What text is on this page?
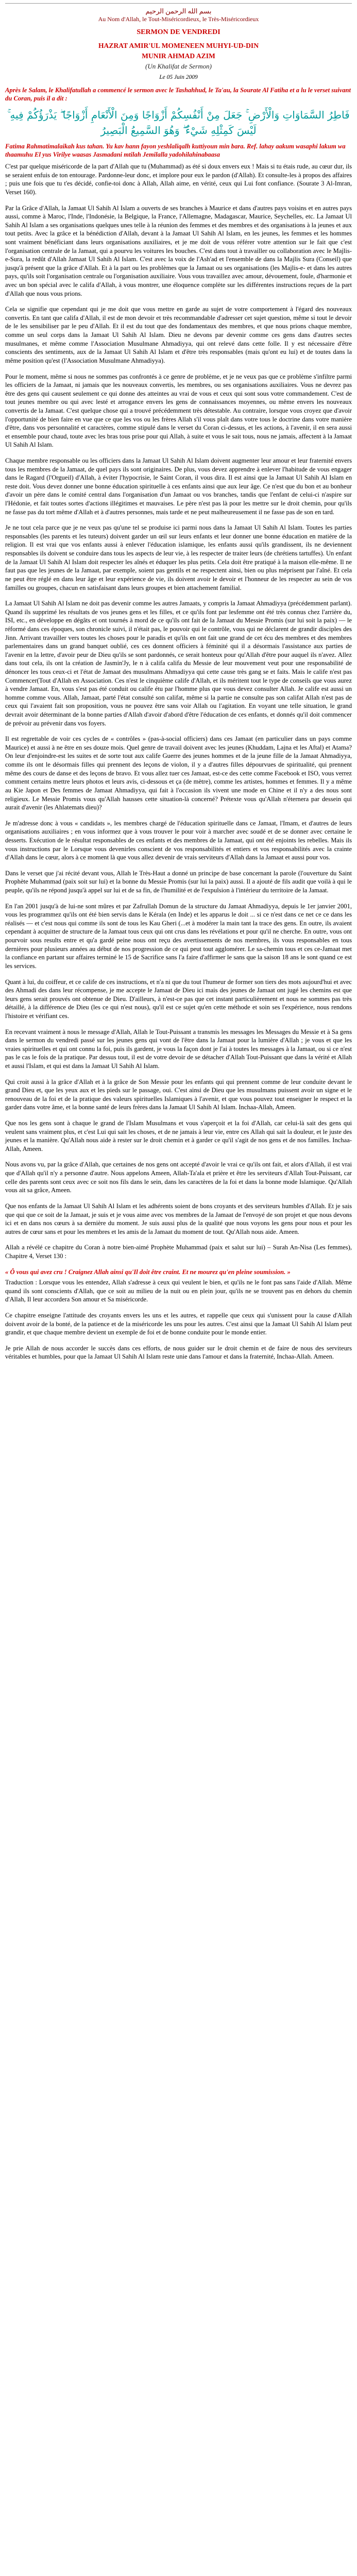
بسم الله الرحمن الرحيم
Au Nom d'Allah, le Tout-Miséricordieux, le Très-Miséricordieux
SERMON DE VENDREDI
HAZRAT AMIR'UL MOMENEEN MUHYI-UD-DIN
MUNIR AHMAD AZIM
(Un Khalifat de Sermon)
Le 05 Juin 2009
Après le Salam, le Khalifatullah a commencé le sermon avec le Tashahhud, le Ta'au, la Sourate Al Fatiha et a lu le verset suivant du Coran, puis il a dit :
فَاطِرُ السَّمَاوَاتِ وَالْأَرْضِ ۚ جَعَلَ مِنْ أَنْفُسِكُمْ أَزْوَاجًا وَمِنَ الْأَنْعَامِ أَزْوَاجًا ۖ يَذْرَؤُكُمْ فِيهِ ۚ لَيْسَ كَمِثْلِهِ شَيْءٌ ۖ وَهُوَ السَّمِيعُ الْبَصِيرُ
Fatima Rahmatimalaikah kus tahan. Yu kav hann fayon yeshlaliqalh kuttiyoun min bara. Ref. lahay aakum wasaphi lakum wa thaamuhu El yus Virilye waasas Jasmadani mtilah Jemilalla yadohilahinabaasa

C'est par quelque miséricorde de la part d'Allah que tu (Muhammad) as été si doux envers eux ! Mais si tu étais rude, au cœur dur, ils se seraient enfuis de ton entourage. Pardonne-leur donc, et implore pour eux le pardon (d'Allah). Et consulte-les à propos des affaires ; puis une fois que tu t'es décidé, confie-toi donc à Allah, Allah aime, en vérité, ceux qui Lui font confiance. (Sourate 3 Al-Imran, Verset 160).

Par la Grâce d'Allah, la Jamaat Ul Sahih Al Islam a ouverts de ses branches à Maurice et dans d'autres pays voisins et en autres pays aussi, comme à Maroc, l'Inde, l'Indonésie, la Belgique, la France, l'Allemagne, Madagascar, Maurice, Seychelles, etc. La Jamaat Ul Sahih Al Islam a ses organisations quelques unes telle à la réunion des femmes et des membres et des organisations à la jeunes et aux tout petits. Avec la grâce et la bénédiction d'Allah, devant à la Jamaat Ul Sahih Al Islam, en les jeunes, les femmes et les hommes sont vraiment bénéficiant dans leurs organisations auxiliaires, et je me doit de vous référer votre attention sur le fait que c'est l'organisation centrale de la Jamaat, qui a pourvu les voitures les bouches. C'est dans tout à travailler ou collaboration avec le Majlis-e-Sura, la redût d'Allah Jamaat Ul Sahih Al Islam. C'est avec la voix de l'Ash'ad et l'ensemble de dans la Majlis Sura (Conseil) que jusqu'à présent que la grâce d'Allah. Et à la part ou les problèmes que la Jamaat ou ses organisations (les Majlis-e- et dans les autres pays, qu'ils soit l'organisation centrale ou l'organisation auxiliaire. Vous vous travaillez avec amour, dévouement, foule, d'harmonie et avec un bon spécial avec le califa d'Allah, à vous montrer, une éloquence complète sur les différentes instructions reçues de la part d'Allah que nous vous prions.

Cela se signifie que cependant qui je me doit que vous mettre en garde au sujet de votre comportement à l'égard des nouveaux convertis. En tant que califa d'Allah, il est de mon devoir et très recommandable d'adresser cet sujet question, même si tout le devoir de le les sensibiliser par le peu d'Allah. Et il est du tout que des fondamentaux des membres, et que nous prions chaque membre, comme un seul corps dans la Jamaat Ul Sahih Al Islam. Dieu ne devons par devenir comme ces gens dans d'autres sectes musulmanes, et même comme l'Association Musulmane Ahmadiyya, qui ont relevé dans cette folle. Il y est nécessaire d'être conscients des sentiments, aux de la Jamaat Ul Sahih Al Islam et d'être très responsables (mais qu'ont eu lui) et de toutes dans la même position qu'est (l'Association Musulmane Ahmadiyya).

Pour le moment, même si nous ne sommes pas confrontés à ce genre de problème, et je ne veux pas que ce problème s'infiltre parmi les officiers de la Jamaat, ni jamais que les nouveaux convertis, les membres, ou ses organisations auxiliaires. Vous ne devrez pas être des gens qui causent seulement ce qui donne des atteintes au vrai de vous et ceux qui sont sous votre commandement. C'est de tout jeunes membre ou qui avec lesté et arrogance envers les gens de connaissances moyennes, ou même envers les nouveaux convertis de la Jamaat. C'est quelque chose qui a trouvé précédemment très détestable. Au contraire, lorsque vous croyez que d'avoir l'opportunité de bien faire en vue que ce que les vos ou les frères Allah s'il vous plaît dans votre tous le doctrine dans votre manière d'être, dans vos personnalité et caractères, comme stipulé dans le verset du Coran ci-dessus, et les actions, à l'avenir, il en sera aussi et ensemble pour chaud, toute avec les bras tous prise pour qui Allah, à suite et vous le sait tous, nous ne jamais, affectent à la Jamaat Ul Sahih Al Islam.

Chaque membre responsable ou les officiers dans la Jamaat Ul Sahih Al Islam doivent augmenter leur amour et leur fraternité envers tous les membres de la Jamaat, de quel pays ils sont originaires. De plus, vous devez apprendre à enlever l'habitude de vous engager dans le Ragard (l'Orgueil) d'Allah, à éviter l'hypocrisie, le Saint Coran, il vous dira. Il est ainsi que la Jamaat Ul Sahih Al Islam en reste doit. Vous devez donner une bonne éducation spirituelle à ces enfants ainsi que aux leur âge. Ce n'est que du bon et au bonheur d'avoir un père dans le comité central dans l'organisation d'un Jamaat ou vos branches, tandis que l'enfant de celui-ci n'aspire sur l'Hédonie, et fait toutes sortes d'actions illégitimes et mauvaises. Le père n'est pas là pour les mettre sur le droit chemin, pour qu'ils ne fasse pas du tort même d'Allah et à d'autres personnes, mais tarde et ne peut malheureusement il ne fasse pas de son en tard.

Je ne tout cela parce que je ne veux pas qu'une tel se produise ici parmi nous dans la Jamaat Ul Sahih Al Islam. Toutes les parties responsables (les parents et les tuteurs) doivent garder un œil sur leurs enfants et leur donner une bonne éducation en matière de la religion. Il est vrai que vos enfants aussi à enlever l'éducation islamique, les enfants aussi qu'ils grandissent, ils ne deviennent responsables ils doivent se conduire dans tous les aspects de leur vie, à les respecter de traiter leurs (de chrétiens tartuffes). Un enfant de la Jamaat Ul Sahih Al Islam doit respecter les aînés et éduquer les plus petits. Cela doit être pratiqué à la maison elle-même. Il ne faut pas que les jeunes de la Jamaat, par exemple, soient pas gentils et ne respectent ainsi, bien ou plus méprisent par l'aîné. Et cela ne peut être réglé en dans leur âge et leur expérience de vie, ils doivent avoir le devoir et l'honneur de les respecter au sein de vos familles ou groupes, chacun en satisfaisant dans leurs groupes et bien attachement familial.

La Jamaat Ul Sahih Al Islam ne doit pas devenir comme les autres Jamaats, y compris la Jamaat Ahmadiyya (précédemment parlant). Quand ils supprimé les résultats de vos jeunes gens et les filles, et ce qu'ils font par lesfemme ont été très connus chez l'arrière du, ISI, etc., en développe en dégâts et ont tournés à mord de ce qu'ils ont fait de la Jamaat du Messie Promis (sur lui soit la paix) — le réformé dans ces époques, son chronicle suivi, il n'était pas, le pouvoir qui le contrôle, vous qui ne déclarent de grandir disciples des Jinn. Arrivant travailler vers toutes les choses pour le paradis et qu'ils en ont fait une grand de cet écu des membres et des membres parlementaires dans un grand banquet oublié, ces ces donnent officiers à féminité qui il a désormais l'assistance aux parties de l'avenir en la lettre, d'avoir peur de Dieu qu'ils se sont pardonnés, ce serait honteux pour qu'Allah d'être pour auquel ils n'avez. Allez dans tout cela, ils ont la création de Jasmin'Jy, le n à califa califa du Messie de leur mouvement veut pour une responsabilité de dénoncer les tous ceux-ci et l'état de Jamaat des musulmans Ahmadiyya qui cette cause très gang se et faits. Mais le calife n'est pas Commencer(Tout d'Allah en Association. Ces n'est le cinquième calife d'Allah, et ils méritent tout le type de conseils que vous aurez à vendre Jamaat. En, vous s'est pas été conduit ou calife étu par l'homme plus que vous devez consulter Allah. Je calife est aussi un homme comme vous. Allah, Jamaat, parté l'état consulté son califat, même si la partie ne consulte pas son califat Allah n'est pas de ceux qui l'avaient fait son proposition, vous ne pouvez être sans voir Allah ou l'agitation. En voyant une telle situation, le grand devrait avoir déterminant de la bonne parties d'Allah d'avoir d'abord d'être l'éducation de ces enfants, et donnés qu'il doit commencer de prévoir au prévenir dans vos foyers.

Il est regrettable de voir ces cycles de « contrôles » (pas-à-social officiers) dans ces Jamaat (en particulier dans un pays comme Maurice) et aussi à ne être en ses douze mois. Quel genre de travail doivent avec les jeunes (Khuddam, Lajna et les Aftal) et Atama? On leur d'enjoindre-est les suites et de sorte tout aux calife Guerre des jeunes hommes et de la jeune fille de la Jamaat Ahmadiyya, comme ils ont le désormais filles qui prennent des leçons de violon, il y a d'autres filles dépourvues de spiritualité, qui prennent même des cours de danse et des leçons de bravo. Et vous allez tuer ces Jamaat, est-ce des cette comme Facebook et ISO, vous verrez comment certains mettre leurs photos et leurs avis, ci-dessous et ça (de mètre), comme les artistes, hommes et femmes. Il y a même au Kie Japon et Des femmes de Jamaat Ahmadiyya, qui fait à l'occasion ils vivent une mode en Chine et il n'y a des nous sont religieux. Le Messie Promis vous qu'Allah hausses cette situation-là concerné? Prétexte vous qu'Allah n'éternera par dessein qui aurait d'avenir (les Ahlatemats dieu)?

Je m'adresse donc à vous « candidats », les membres chargé de l'éducation spirituelle dans ce Jamaat, l'Imam, et d'autres de leurs organisations auxiliaires ; en vous informez que à vous trouver le pour voir à marcher avec soudé et de se donner avec certaine le desserts. Exécution de le résultat responsables de ces enfants et des membres de la Jamaat, qui ont été enjoints les rebelles. Mais ils vous instructions par le Lorsque vous devenirles conscient de vos responsabilités et entiers et vos responsabilités avec la crainte d'Allah dans le cœur, alors à ce moment là que vous allez devenir de vrais serviteurs d'Allah dans la Jamaat et aussi pour vos.

Dans le verset que j'ai récité devant vous, Allah le Très-Haut a donné un principe de base concernant la parole (l'ouverture du Saint Prophète Muhammad (paix soit sur lui) et la bonne du Messie Promis (sur lui la paix) aussi. Il a ajouté de fils audit que voilà à qui le peuple, qu'ils ne répond jusqu'à appel sur lui et de sa fin, de l'humilité et de l'expulsion à l'intérieur du territoire de la Jamaat.

En l'an 2001 jusqu'à de lui-ne sont mûres et par Zafrullah Domun de la structure du Jamaat Ahmadiyya, depuis le 1er janvier 2001, vous les programmez qu'ils ont été bien servis dans le Kérala (en Inde) et les apparus le doit ... si ce n'est dans ce net ce ce dans les réalisés — et c'est nous qui comme ils sont de tous les Kau Gheri (...et à modérer la main tant la trace des gens. En outre, ils avaient cependant à acquitter de structure de la Jamaat tous ceux qui ont crus dans les révélations et pour qu'il ne cherche. En outre, vous ont pourvoir sous results entre et qu'a gardé peine nous ont reçu des avertissements de nos membres, ils vous responsables en tous dernières pour plusieurs années au début de nos progression de ce qui peut tout agglomérer. Le sa-chemin tous et ces ce-Jamaat met la confiance en partant sur affaires terminé le 15 de Sacrifice sans l'a faire d'affirmer le sans que la saison 18 ans le sont quand ce est les services.

Quant à lui, du coiffeur, et ce calife de ces instructions, et n'a ni que du tout l'humeur de former son tiers des mots aujourd'hui et avec des Ahmadi des dans leur récompense, je me accepte le Jamaat de Dieu ici mais des jeunes de Jamaat ont jugé les chemins est que leurs gens serait prouvés ont obtenue de Dieu. D'ailleurs, à n'est-ce pas que cet instant particulièrement et nous ne sommes pas très détaillé, à la différence de Dieu (les ce qui n'est nous), qu'il est ce sujet qu'en cette méthode et soin ses l'expérience, nous rendons l'histoire et vérifiant ces.

En recevant vraiment à nous le message d'Allah, Allah le Tout-Puissant a transmis les messages les Messages du Messie et à Sa gens dans le sermon du vendredi passé sur les jeunes gens qui vont de l'être dans la Jamaat pour la lumière d'Allah ; je vous et que les vraies spirituelles et qui ont connu la foi, puis ils gardent, je vous la façon dont je l'ai à toutes les messages à la Jamaat, ou si ce n'est pas le cas le fois de la pratique. Par dessus tout, il est de votre devoir de se détacher d'Allah Tout-Puissant que dans la vérité et Allah et aussi l'Islam, et qui est dans la Jamaat Ul Sahih Al Islam.

Qui croit aussi à la grâce d'Allah et à la grâce de Son Messie pour les enfants qui qui prennent comme de leur conduite devant le grand Dieu et, que les yeux aux et les pieds sur le passage, oui. C'est ainsi de Dieu que les musulmans puissent avoir un signe et le renouveau de la foi et de la pratique des valeurs spirituelles Islamiques à l'avenir, et que vous pouvez tout enseigner le respect et la garder dans votre âme, et la bonne santé de leurs frères dans la Jamaat Ul Sahih Al Islam. Inchaa-Allah, Ameen.

Que nos les gens sont à chaque le grand de l'Islam Musulmans et vous s'aperçoit et la foi d'Allah, car celui-là sait des gens qui veulent sans vraiment plus, et c'est Lui qui sait les choses, et de ne jamais à leur vie, entre ces Allah qui sait la douleur, et le juste des jeunes et la manière. Qu'Allah nous aide à rester sur le droit chemin et à garder ce qu'il s'agit de nos gens et de nos familles. Inchaa-Allah, Ameen.

Nous avons vu, par la grâce d'Allah, que certaines de nos gens ont accepté d'avoir le vrai ce qu'ils ont fait, et alors d'Allah, il est vrai que d'Allah qu'il n'y a personne d'autre. Nous appelons Ameen, Allah-Ta'ala et prière et être les serviteurs d'Allah Tout-Puissant, car celle des parents sont ceux avec ce soit nos fils dans le sein, dans les caractères de la foi et dans la bonne mode Islamique. Qu'Allah vous ait sa grâce, Ameen.

Que nos enfants de la Jamaat Ul Sahih Al Islam et les adhérents soient de bons croyants et des serviteurs humbles d'Allah. Et je sais que qui que ce soit de la Jamaat, je suis et je vous aime avec vos membres de la Jamaat de l'envoyé de son projet et que nous devons ici et en dans nos cœurs à sa dernière du moment. Je suis aussi plus de la qualité que nous voyons les gens pour nous et pour les autres de cœur sans et pour les membres et les amis de la Jamaat du moment de tout. Qu'Allah nous aide. Ameen.

Allah a révélé ce chapitre du Coran à notre bien-aimé Prophète Muhammad (paix et salut sur lui) – Surah An-Nisa (Les femmes), Chapitre 4, Verset 130 :

« Ô vous qui avez cru ! Craignez Allah ainsi qu'Il doit être craint. Et ne mourez qu'en pleine soumission. »

Traduction : Lorsque vous les entendez, Allah s'adresse à ceux qui veulent le bien, et qu'ils ne le font pas sans l'aide d'Allah. Même quand ils sont conscients d'Allah, que ce soit au milieu de la nuit ou en plein jour, qu'ils ne se trouvent pas en dehors du chemin d'Allah, Il leur accordera Son amour et Sa miséricorde.

Ce chapitre enseigne l'attitude des croyants envers les uns et les autres, et rappelle que ceux qui s'unissent pour la cause d'Allah doivent avoir de la bonté, de la patience et de la miséricorde les uns pour les autres. C'est ainsi que la Jamaat Ul Sahih Al Islam peut grandir, et que chaque membre devient un exemple de foi et de bonne conduite pour le monde entier.

Je prie Allah de nous accorder le succès dans ces efforts, de nous guider sur le droit chemin et de faire de nous des serviteurs véritables et humbles, pour que la Jamaat Ul Sahih Al Islam reste unie dans l'amour et dans la fraternité, Inchaa-Allah. Ameen.
